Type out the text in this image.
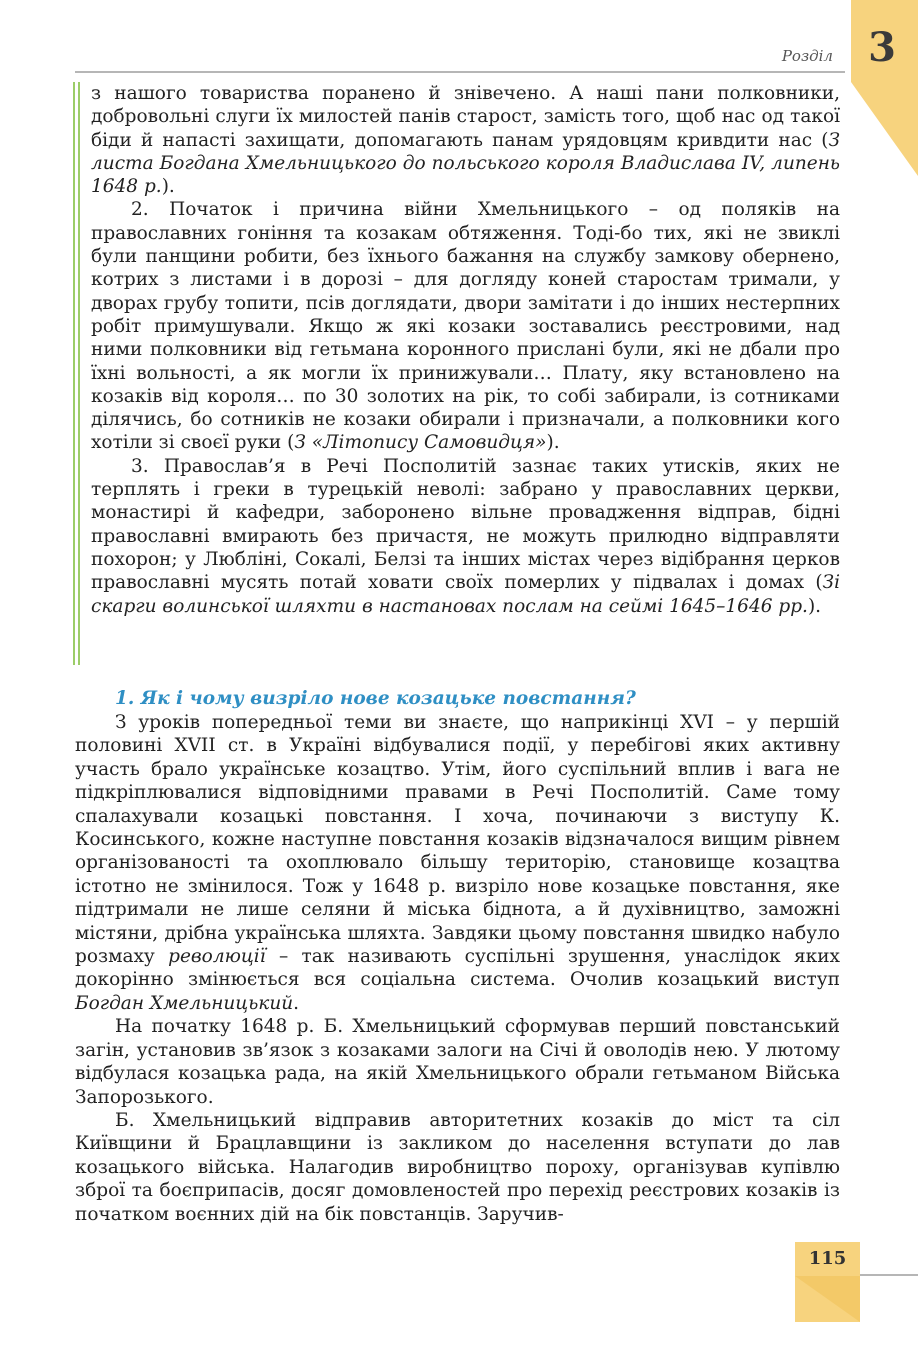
3
Розділ

з нашого товариства поранено й знівечено. А наші пани полковники, добровольні слуги їх милостей панів старост, замість того, щоб нас од такої біди й напасті захищати, допомагають панам урядовцям кривдити нас (З листа Богдана Хмельницького до польського короля Владислава IV, липень 1648 р.).

2. Початок і причина війни Хмельницького – од поляків на православних гоніння та козакам обтяження. Тоді-бо тих, які не звиклі були панщини робити, без їхнього бажання на службу замкову обернено, котрих з листами і в дорозі – для догляду коней старостам тримали, у дворах грубу топити, псів доглядати, двори замітати і до інших нестерпних робіт примушували. Якщо ж які козаки зоставались реєстровими, над ними полковники від гетьмана коронного прислані були, які не дбали про їхні вольності, а як могли їх принижували… Плату, яку встановлено на козаків від короля… по 30 золотих на рік, то собі забирали, із сотниками ділячись, бо сотників не козаки обирали і призначали, а полковники кого хотіли зі своєї руки (З «Літопису Самовидця»).

3. Православ’я в Речі Посполитій зазнає таких утисків, яких не терплять і греки в турецькій неволі: забрано у православних церкви, монастирі й кафедри, заборонено вільне провадження відправ, бідні православні вмирають без причастя, не можуть прилюдно відправляти похорон; у Любліні, Сокалі, Белзі та інших містах через відібрання церков православні мусять потай ховати своїх померлих у підвалах і домах (Зі скарги волинської шляхти в настановах послам на сеймі 1645–1646 рр.).

1. Як і чому визріло нове козацьке повстання?

З уроків попередньої теми ви знаєте, що наприкінці XVI – у першій половині XVII ст. в Україні відбувалися події, у перебігові яких активну участь брало українське козацтво. Утім, його суспільний вплив і вага не підкріплювалися відповідними правами в Речі Посполитій. Саме тому спалахували козацькі повстання. І хоча, починаючи з виступу К. Косинського, кожне наступне повстання козаків відзначалося вищим рівнем організованості та охоплювало більшу територію, становище козацтва істотно не змінилося. Тож у 1648 р. визріло нове козацьке повстання, яке підтримали не лише селяни й міська біднота, а й духівництво, заможні містяни, дрібна українська шляхта. Завдяки цьому повстання швидко набуло розмаху революції – так називають суспільні зрушення, унаслідок яких докорінно змінюється вся соціальна система. Очолив козацький виступ Богдан Хмельницький.

На початку 1648 р. Б. Хмельницький сформував перший повстанський загін, установив зв’язок з козаками залоги на Січі й оволодів нею. У лютому відбулася козацька рада, на якій Хмельницького обрали гетьманом Війська Запорозького.

Б. Хмельницький відправив авторитетних козаків до міст та сіл Київщини й Брацлавщини із закликом до населення вступати до лав козацького війська. Налагодив виробництво пороху, організував купівлю зброї та боєприпасів, досяг домовленостей про перехід реєстрових козаків із початком воєнних дій на бік повстанців. Заручив-

115
